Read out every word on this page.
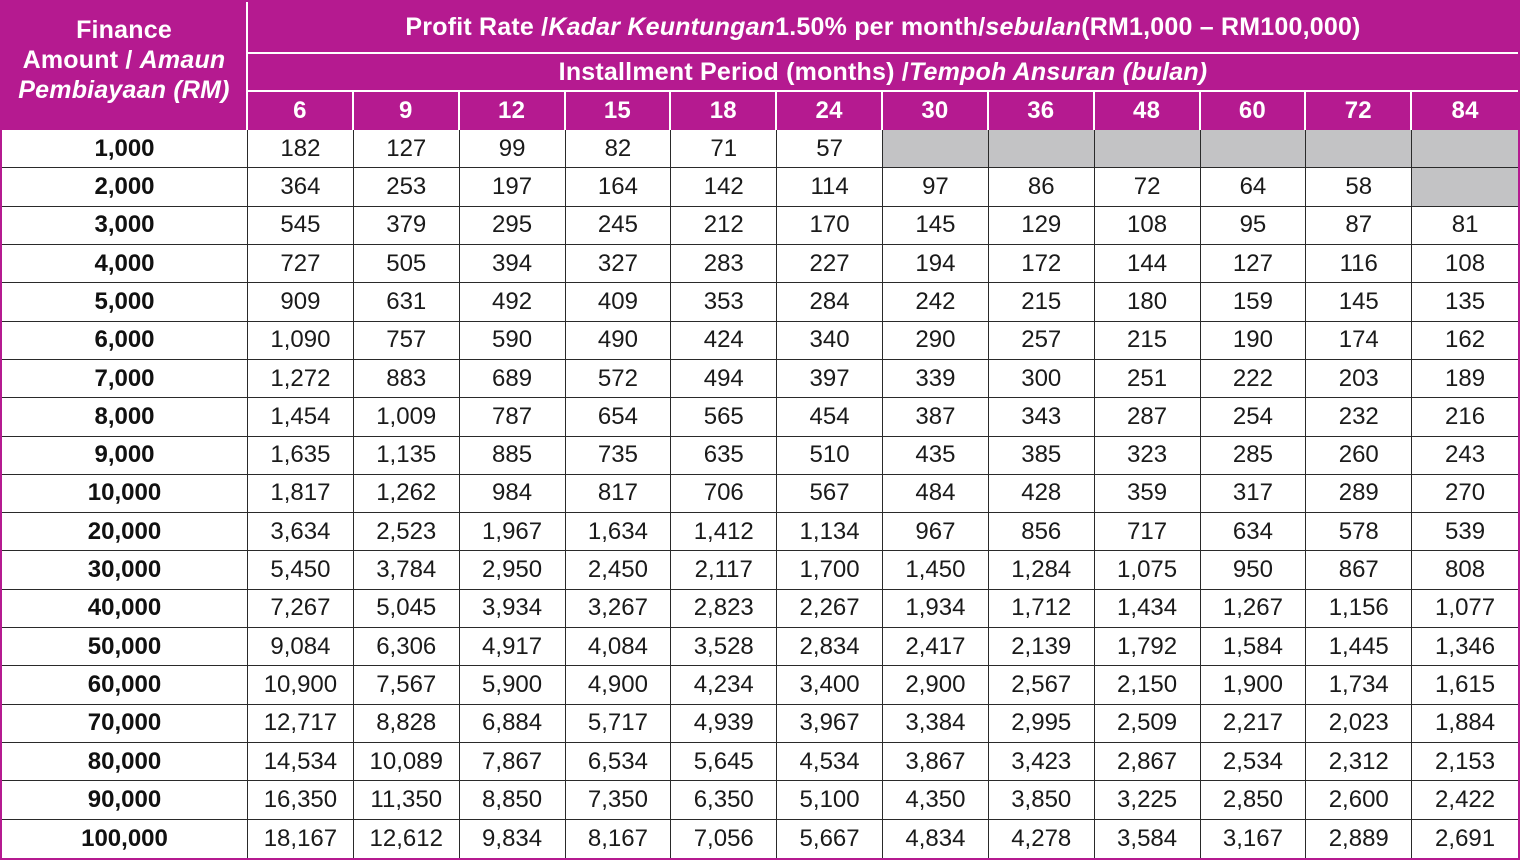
Finance
Amount / Amaun
Pembiayaan (RM)
Profit Rate / Kadar Keuntungan 1.50% per month/ sebulan (RM1,000 – RM100,000)
Installment Period (months) / Tempoh Ansuran (bulan)
6	9	12	15	18	24	30	36	48	60	72	84
1,000	182	127	99	82	71	57
2,000	364	253	197	164	142	114	97	86	72	64	58
3,000	545	379	295	245	212	170	145	129	108	95	87	81
4,000	727	505	394	327	283	227	194	172	144	127	116	108
5,000	909	631	492	409	353	284	242	215	180	159	145	135
6,000	1,090	757	590	490	424	340	290	257	215	190	174	162
7,000	1,272	883	689	572	494	397	339	300	251	222	203	189
8,000	1,454	1,009	787	654	565	454	387	343	287	254	232	216
9,000	1,635	1,135	885	735	635	510	435	385	323	285	260	243
10,000	1,817	1,262	984	817	706	567	484	428	359	317	289	270
20,000	3,634	2,523	1,967	1,634	1,412	1,134	967	856	717	634	578	539
30,000	5,450	3,784	2,950	2,450	2,117	1,700	1,450	1,284	1,075	950	867	808
40,000	7,267	5,045	3,934	3,267	2,823	2,267	1,934	1,712	1,434	1,267	1,156	1,077
50,000	9,084	6,306	4,917	4,084	3,528	2,834	2,417	2,139	1,792	1,584	1,445	1,346
60,000	10,900	7,567	5,900	4,900	4,234	3,400	2,900	2,567	2,150	1,900	1,734	1,615
70,000	12,717	8,828	6,884	5,717	4,939	3,967	3,384	2,995	2,509	2,217	2,023	1,884
80,000	14,534	10,089	7,867	6,534	5,645	4,534	3,867	3,423	2,867	2,534	2,312	2,153
90,000	16,350	11,350	8,850	7,350	6,350	5,100	4,350	3,850	3,225	2,850	2,600	2,422
100,000	18,167	12,612	9,834	8,167	7,056	5,667	4,834	4,278	3,584	3,167	2,889	2,691
